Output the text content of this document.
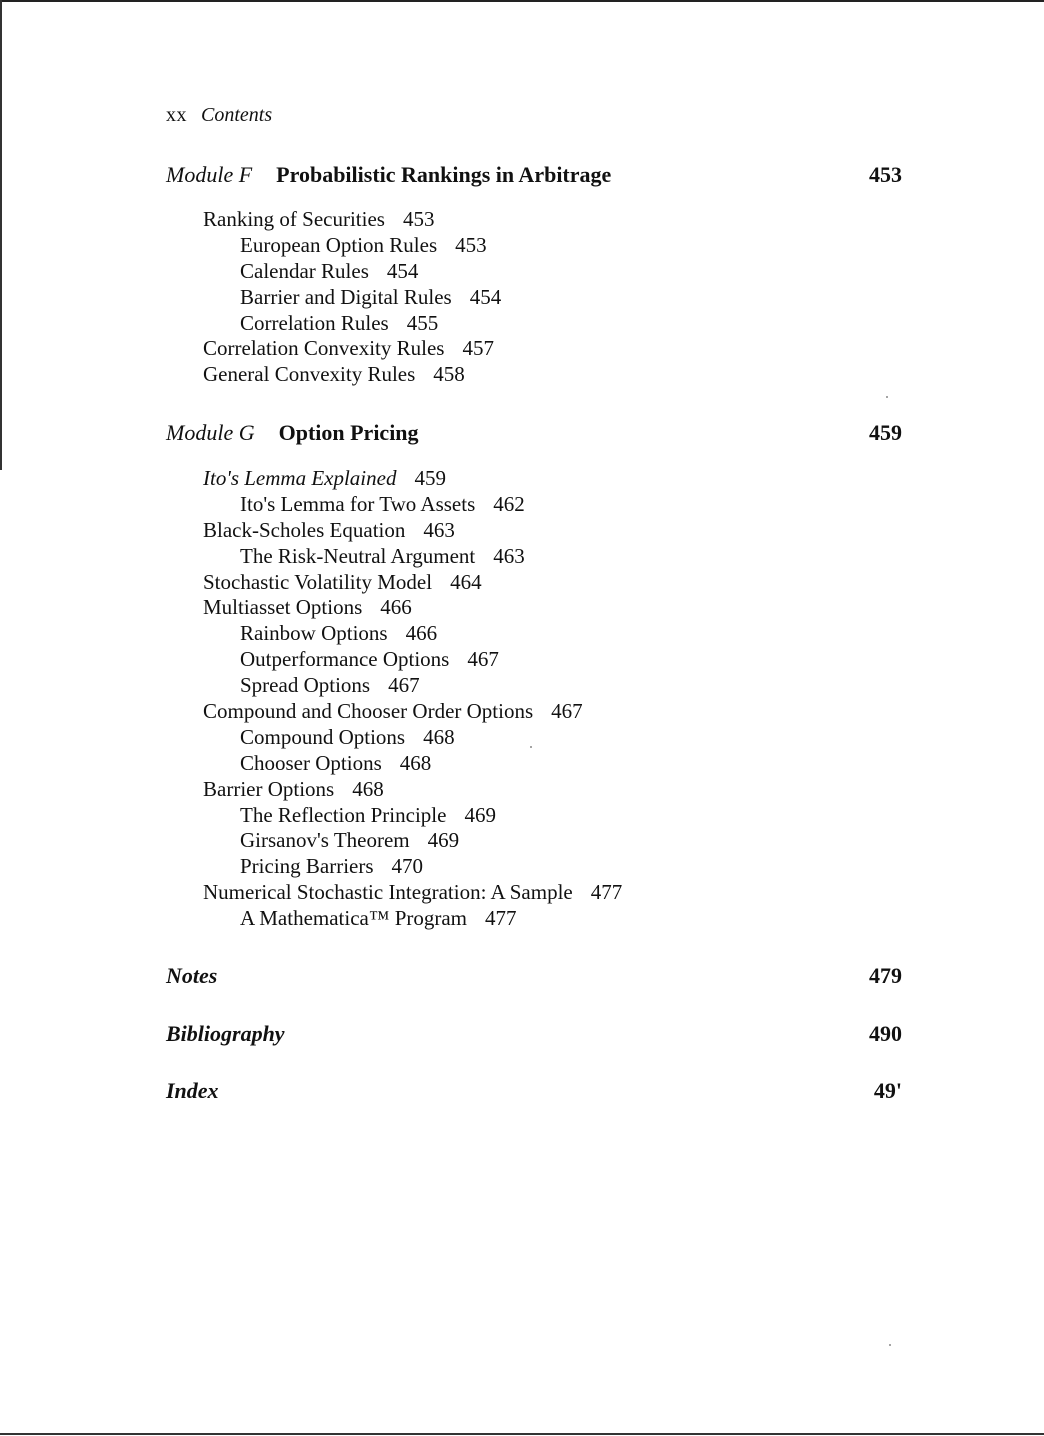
xx Contents
Module F Probabilistic Rankings in Arbitrage	453
Ranking of Securities 453
European Option Rules 453
Calendar Rules 454
Barrier and Digital Rules 454
Correlation Rules 455
Correlation Convexity Rules 457
General Convexity Rules 458
Module G Option Pricing	459
Ito's Lemma Explained 459
Ito's Lemma for Two Assets 462
Black-Scholes Equation 463
The Risk-Neutral Argument 463
Stochastic Volatility Model 464
Multiasset Options 466
Rainbow Options 466
Outperformance Options 467
Spread Options 467
Compound and Chooser Order Options 467
Compound Options 468
Chooser Options 468
Barrier Options 468
The Reflection Principle 469
Girsanov's Theorem 469
Pricing Barriers 470
Numerical Stochastic Integration: A Sample 477
A Mathematica™ Program 477
Notes	479
Bibliography	490
Index	49'
